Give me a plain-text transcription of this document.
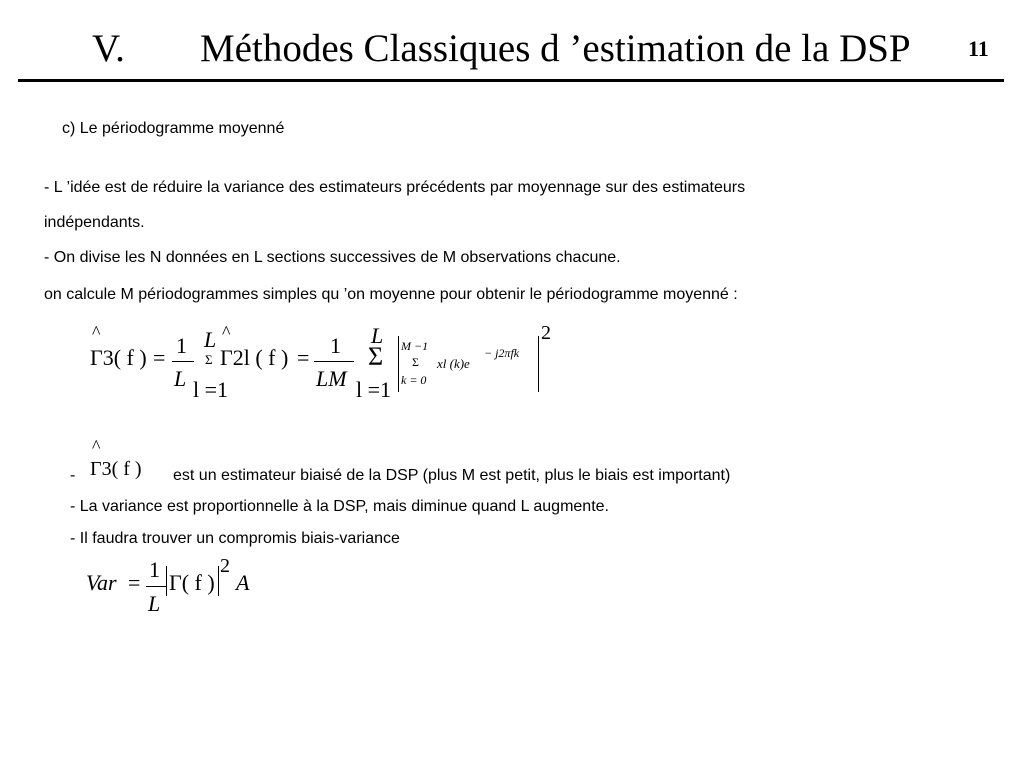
V. Méthodes Classiques d ’estimation de la DSP	11
c) Le périodogramme moyenné
- L ’idée est de réduire la variance des estimateurs précédents par moyennage sur des estimateurs
indépendants.
- On divise les N données en L sections successives de M observations chacune.
on calcule M périodogrammes simples qu ’on moyenne pour obtenir le périodogramme moyenné :
^
Γ3( f ) = 1
L
L ^
Σ Γ2l ( f )
l =1
= 1
LM
L
Σ
l =1
M −1
Σ xl (k)e
− j2πfk
k = 0
2
^
- Γ3( f ) est un estimateur biaisé de la DSP (plus M est petit, plus le biais est important)
- La variance est proportionnelle à la DSP, mais diminue quand L augmente.
- Il faudra trouver un compromis biais-variance
Var =
1
L
Γ( f )
2
A
